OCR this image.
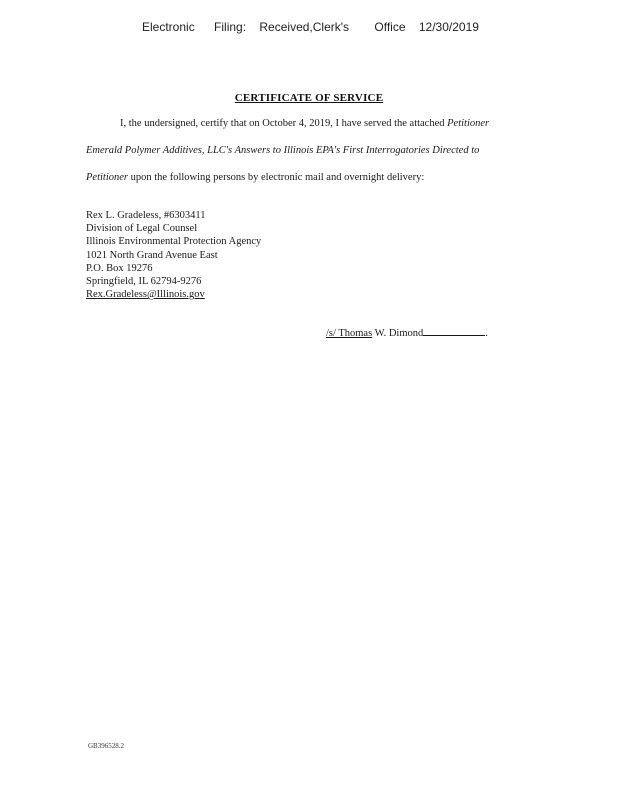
Electronic Filing: Received,Clerk's Office 12/30/2019
CERTIFICATE OF SERVICE
I, the undersigned, certify that on October 4, 2019, I have served the attached Petitioner
Emerald Polymer Additives, LLC's Answers to Illinois EPA's First Interrogatories Directed to
Petitioner upon the following persons by electronic mail and overnight delivery:
Rex L. Gradeless, #6303411
Division of Legal Counsel
Illinois Environmental Protection Agency
1021 North Grand Avenue East
P.O. Box 19276
Springfield, IL 62794-9276
Rex.Gradeless@Illinois.gov
/s/ Thomas W. Dimond	.
GB396528.2
